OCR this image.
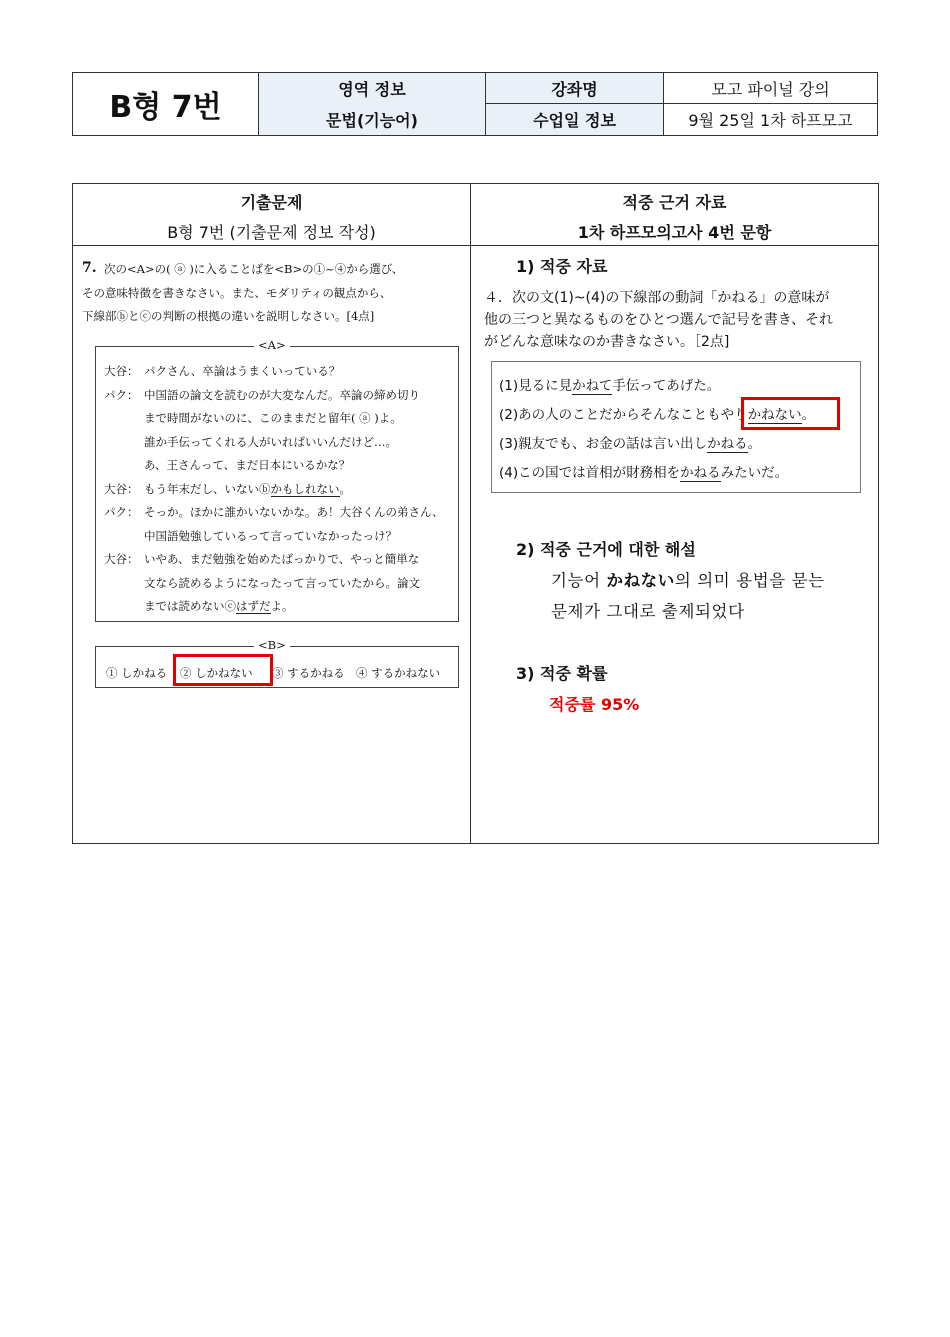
B형 7번
영역 정보
문법(기능어)
강좌명	모고 파이널 강의
수업일 정보	9월 25일 1차 하프모고
기출문제
B형 7번 (기출문제 정보 작성)
적중 근거 자료
1차 하프모의고사 4번 문항
7. 次の<A>の( ⓐ )に入ることばを<B>の①~④から選び、
その意味特徴を書きなさい。また、モダリティの観点から、
下線部ⓑとⓒの判断の根拠の違いを説明しなさい。[4点]
<A>
大谷： パクさん、卒論はうまくいっている？
パク： 中国語の論文を読むのが大変なんだ。卒論の締め切り
まで時間がないのに、このままだと留年( ⓐ )よ。
誰か手伝ってくれる人がいればいいんだけど…。
あ、王さんって、まだ日本にいるかな？
大谷： もう年末だし、いないⓑかもしれない。
パク： そっか。ほかに誰かいないかな。あ！大谷くんの弟さん、
中国語勉強しているって言っていなかったっけ？
大谷： いやあ、まだ勉強を始めたばっかりで、やっと簡単な
文なら読めるようになったって言っていたから。論文
までは読めないⓒはずだよ。
<B>
① しかねる ② しかねない ③ するかねる ④ するかねない
1) 적중 자료
４．次の文(1)~(4)の下線部の動詞「かねる」の意味が
他の三つと異なるものをひとつ選んで記号を書き、それ
がどんな意味なのか書きなさい。［2点]
(1)見るに見かねて手伝ってあげた。
(2)あの人のことだからそんなこともやりかねない。
(3)親友でも、お金の話は言い出しかねる。
(4)この国では首相が財務相をかねるみたいだ。
2) 적중 근거에 대한 해설
기능어 かねない의 의미 용법을 묻는
문제가 그대로 출제되었다
3) 적중 확률
적중률 95%
